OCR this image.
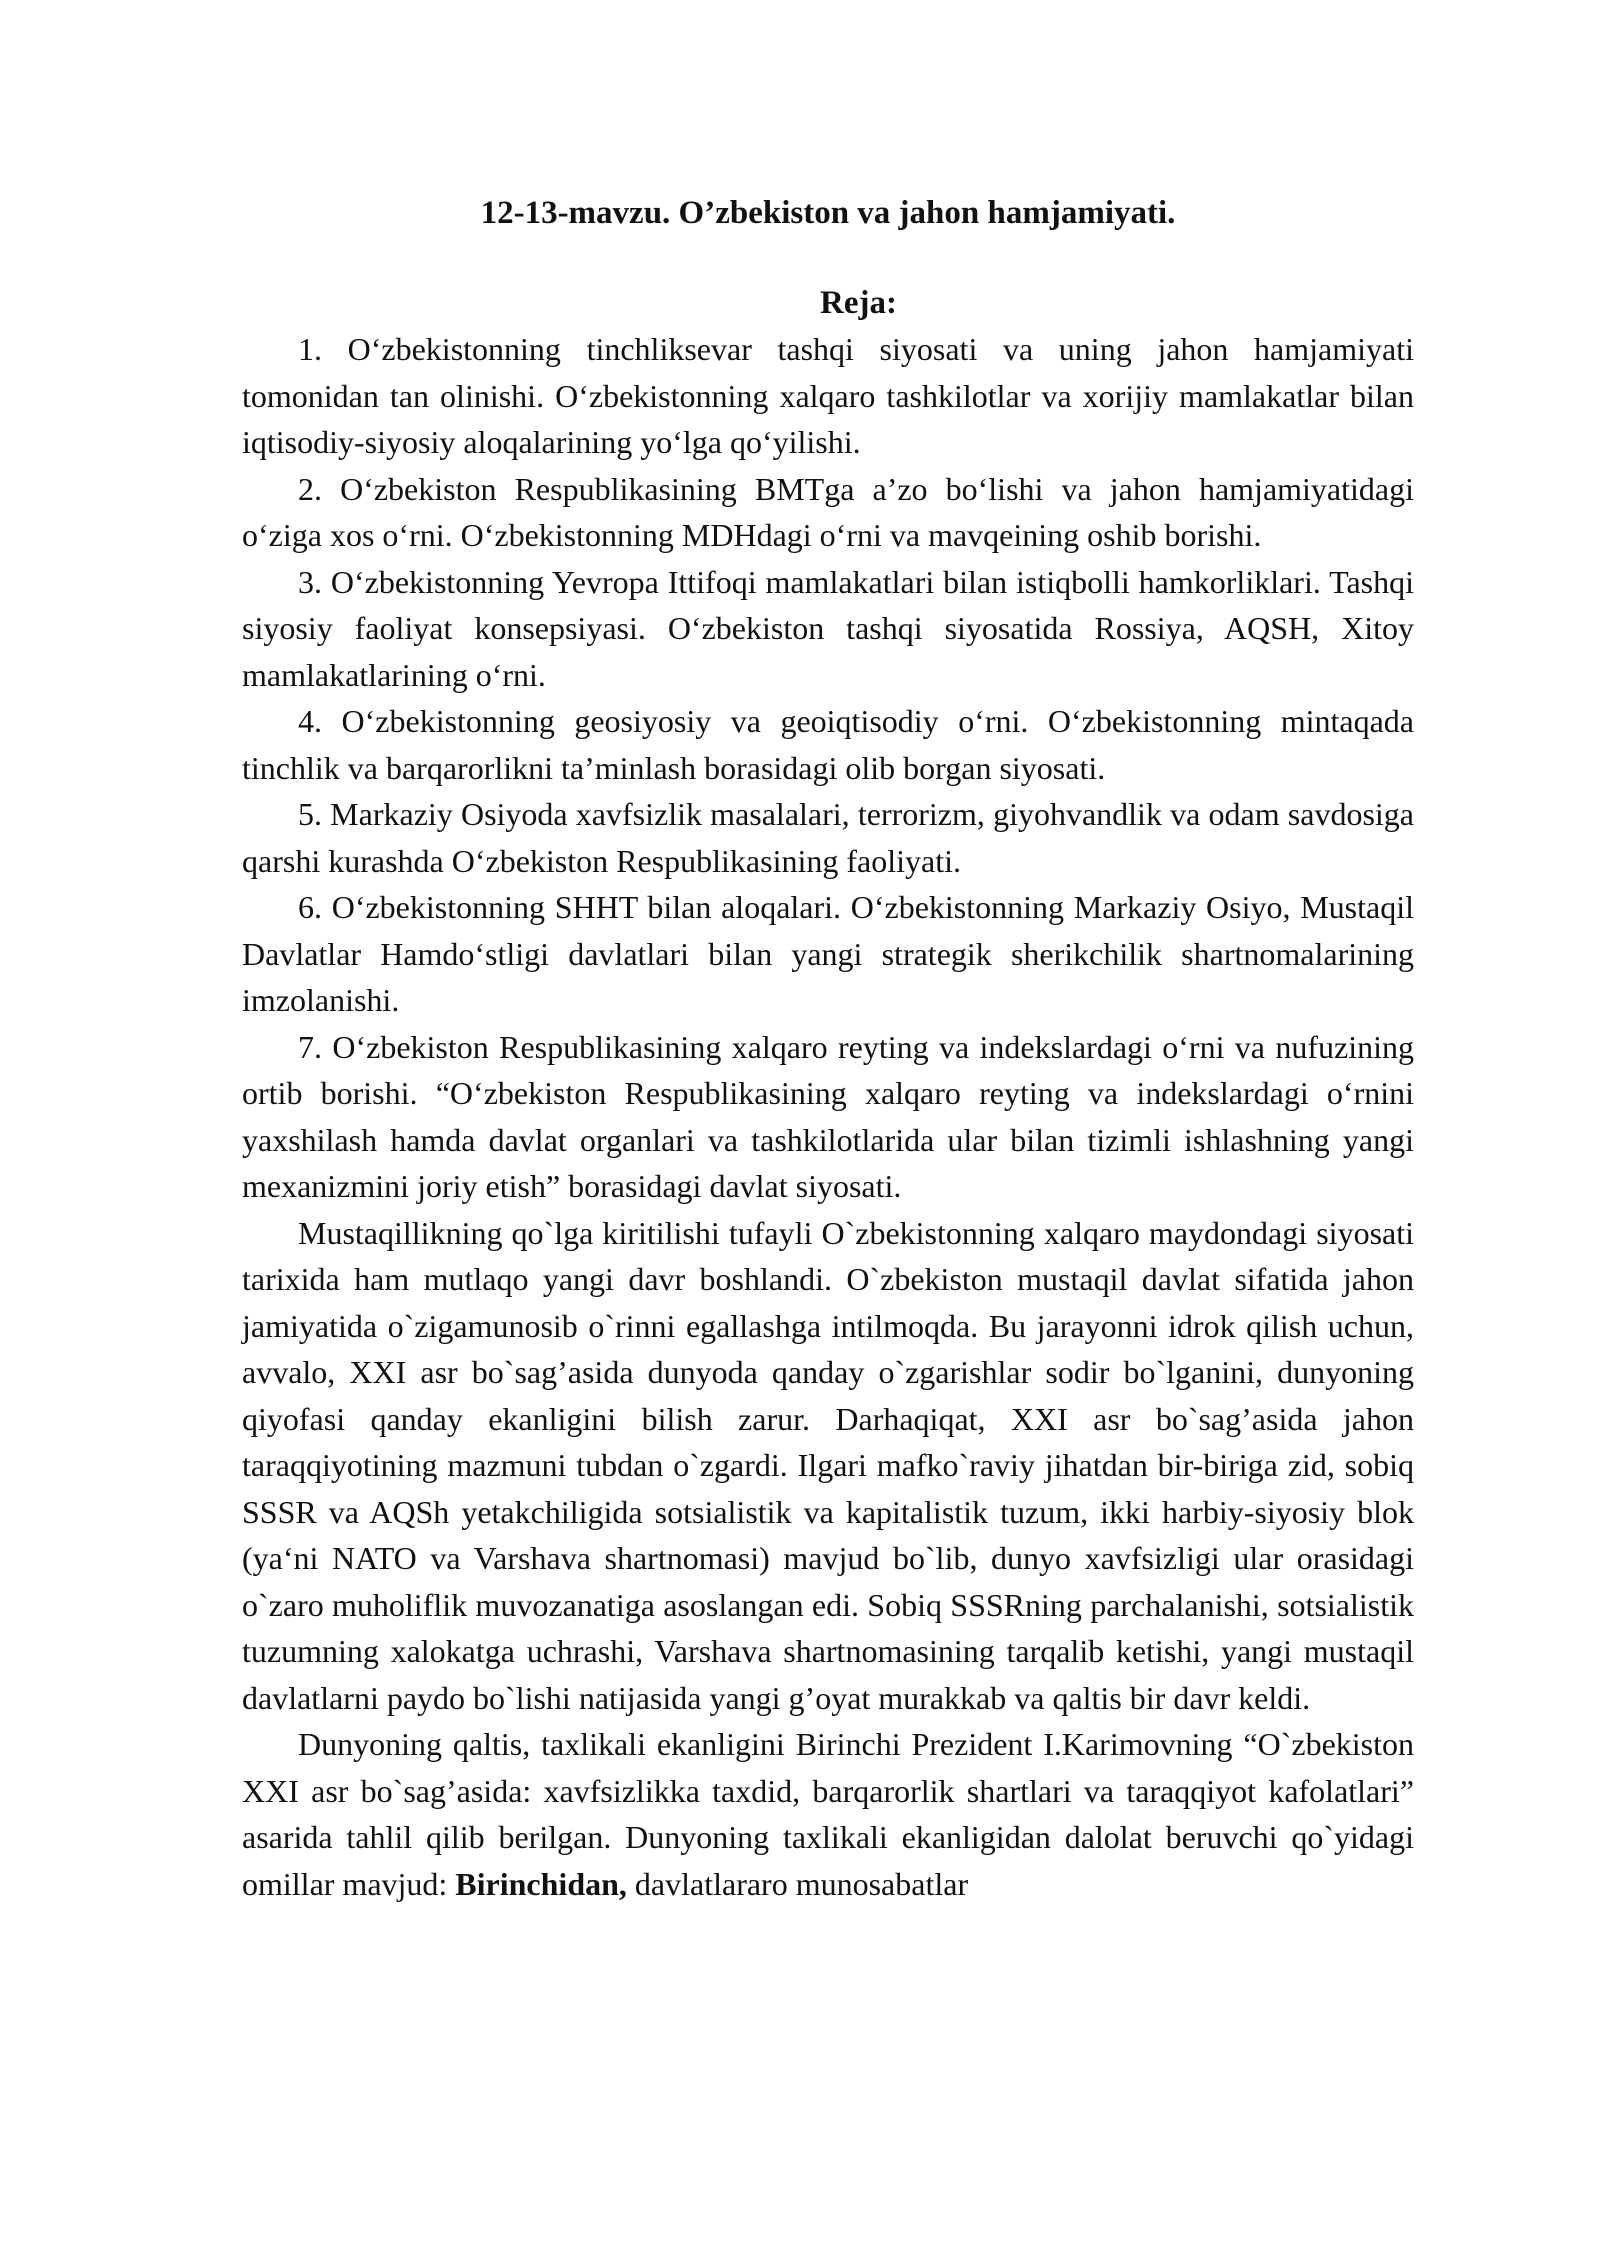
12-13-mavzu. O’zbekiston va jahon hamjamiyati.
Reja:

1. O‘zbekistonning tinchliksevar tashqi siyosati va uning jahon hamjamiyati tomonidan tan olinishi. O‘zbekistonning xalqaro tashkilotlar va xorijiy mamlakatlar bilan iqtisodiy-siyosiy aloqalarining yo‘lga qo‘yilishi.

2. O‘zbekiston Respublikasining BMTga a’zo bo‘lishi va jahon hamjamiyatidagi o‘ziga xos o‘rni. O‘zbekistonning MDHdagi o‘rni va mavqeining oshib borishi.

3. O‘zbekistonning Yevropa Ittifoqi mamlakatlari bilan istiqbolli hamkorliklari. Tashqi siyosiy faoliyat konsepsiyasi. O‘zbekiston tashqi siyosatida Rossiya, AQSH, Xitoy mamlakatlarining o‘rni.

4. O‘zbekistonning geosiyosiy va geoiqtisodiy o‘rni. O‘zbekistonning mintaqada tinchlik va barqarorlikni ta’minlash borasidagi olib borgan siyosati.

5. Markaziy Osiyoda xavfsizlik masalalari, terrorizm, giyohvandlik va odam savdosiga qarshi kurashda O‘zbekiston Respublikasining faoliyati.

6. O‘zbekistonning SHHT bilan aloqalari. O‘zbekistonning Markaziy Osiyo, Mustaqil Davlatlar Hamdo‘stligi davlatlari bilan yangi strategik sherikchilik shartnomalarining imzolanishi.

7. O‘zbekiston Respublikasining xalqaro reyting va indekslardagi o‘rni va nufuzining ortib borishi. “O‘zbekiston Respublikasining xalqaro reyting va indekslardagi o‘rnini yaxshilash hamda davlat organlari va tashkilotlarida ular bilan tizimli ishlashning yangi mexanizmini joriy etish” borasidagi davlat siyosati.

Mustaqillikning qo`lga kiritilishi tufayli O`zbekistonning xalqaro maydondagi siyosati tarixida ham mutlaqo yangi davr boshlandi. O`zbekiston mustaqil davlat sifatida jahon jamiyatida o`zigamunosib o`rinni egallashga intilmoqda. Bu jarayonni idrok qilish uchun, avvalo, XXI asr bo`sag’asida dunyoda qanday o`zgarishlar sodir bo`lganini, dunyoning qiyofasi qanday ekanligini bilish zarur. Darhaqiqat, XXI asr bo`sag’asida jahon taraqqiyotining mazmuni tubdan o`zgardi. Ilgari mafko`raviy jihatdan bir-biriga zid, sobiq SSSR va AQSh yetakchiligida sotsialistik va kapitalistik tuzum, ikki harbiy-siyosiy blok (ya‘ni NATO va Varshava shartnomasi) mavjud bo`lib, dunyo xavfsizligi ular orasidagi o`zaro muholiflik muvozanatiga asoslangan edi. Sobiq SSSRning parchalanishi, sotsialistik tuzumning xalokatga uchrashi, Varshava shartnomasining tarqalib ketishi, yangi mustaqil davlatlarni paydo bo`lishi natijasida yangi g’oyat murakkab va qaltis bir davr keldi.

Dunyoning qaltis, taxlikali ekanligini Birinchi Prezident I.Karimovning “O`zbekiston XXI asr bo`sag’asida: xavfsizlikka taxdid, barqarorlik shartlari va taraqqiyot kafolatlari” asarida tahlil qilib berilgan. Dunyoning taxlikali ekanligidan dalolat beruvchi qo`yidagi omillar mavjud: Birinchidan, davlatlararo munosabatlar
